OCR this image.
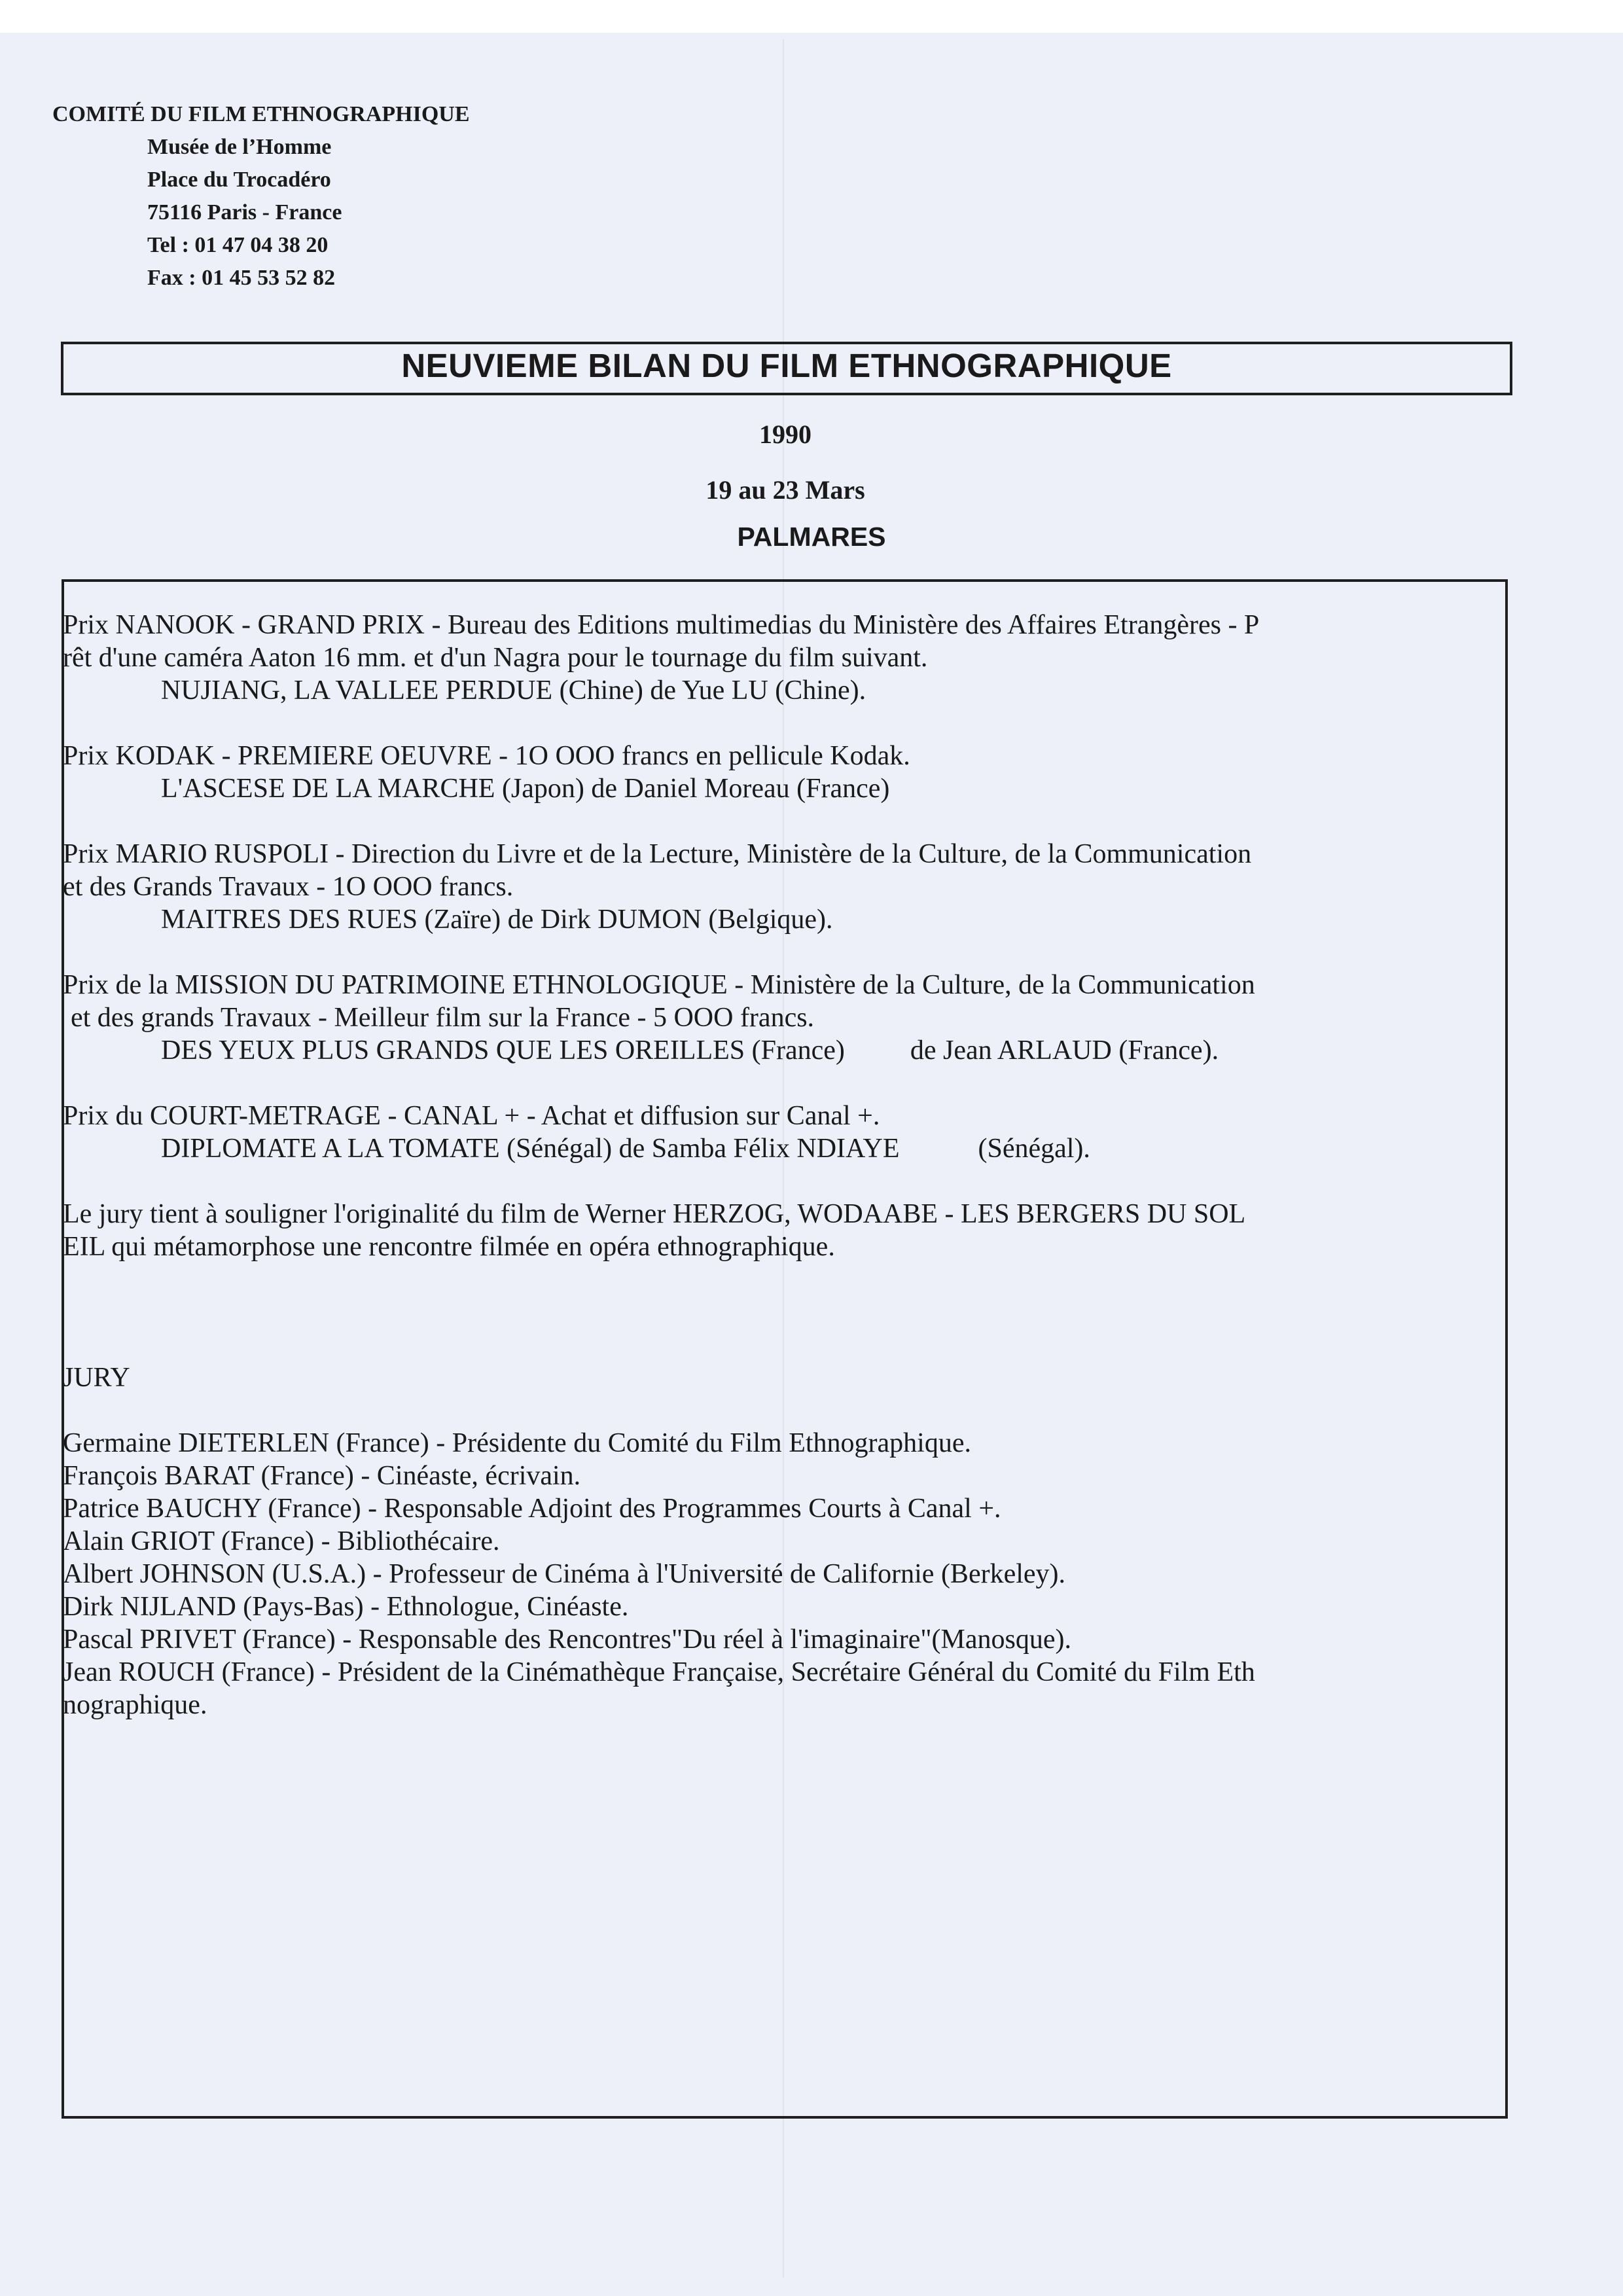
COMITÉ DU FILM ETHNOGRAPHIQUE
Musée de l’Homme
Place du Trocadéro
75116 Paris - France
Tel : 01 47 04 38 20
Fax : 01 45 53 52 82
NEUVIEME BILAN DU FILM ETHNOGRAPHIQUE
1990
19 au 23 Mars
PALMARES
Prix NANOOK - GRAND PRIX - Bureau des Editions multimedias du Ministère des Affaires Etrangères - P
rêt d'une caméra Aaton 16 mm. et d'un Nagra pour le tournage du film suivant.
NUJIANG, LA VALLEE PERDUE (Chine) de Yue LU (Chine).
Prix KODAK - PREMIERE OEUVRE - 1O OOO francs en pellicule Kodak.
L'ASCESE DE LA MARCHE (Japon) de Daniel Moreau (France)
Prix MARIO RUSPOLI - Direction du Livre et de la Lecture, Ministère de la Culture, de la Communication
et des Grands Travaux - 1O OOO francs.
MAITRES DES RUES (Zaïre) de Dirk DUMON (Belgique).
Prix de la MISSION DU PATRIMOINE ETHNOLOGIQUE - Ministère de la Culture, de la Communication
et des grands Travaux - Meilleur film sur la France - 5 OOO francs.
DES YEUX PLUS GRANDS QUE LES OREILLES (France) de Jean ARLAUD (France).
Prix du COURT-METRAGE - CANAL + - Achat et diffusion sur Canal +.
DIPLOMATE A LA TOMATE (Sénégal) de Samba Félix NDIAYE	(Sénégal).
Le jury tient à souligner l'originalité du film de Werner HERZOG, WODAABE - LES BERGERS DU SOL
EIL qui métamorphose une rencontre filmée en opéra ethnographique.
JURY
Germaine DIETERLEN (France) - Présidente du Comité du Film Ethnographique.
François BARAT (France) - Cinéaste, écrivain.
Patrice BAUCHY (France) - Responsable Adjoint des Programmes Courts à Canal +.
Alain GRIOT (France) - Bibliothécaire.
Albert JOHNSON (U.S.A.) - Professeur de Cinéma à l'Université de Californie (Berkeley).
Dirk NIJLAND (Pays-Bas) - Ethnologue, Cinéaste.
Pascal PRIVET (France) - Responsable des Rencontres"Du réel à l'imaginaire"(Manosque).
Jean ROUCH (France) - Président de la Cinémathèque Française, Secrétaire Général du Comité du Film Eth
nographique.
